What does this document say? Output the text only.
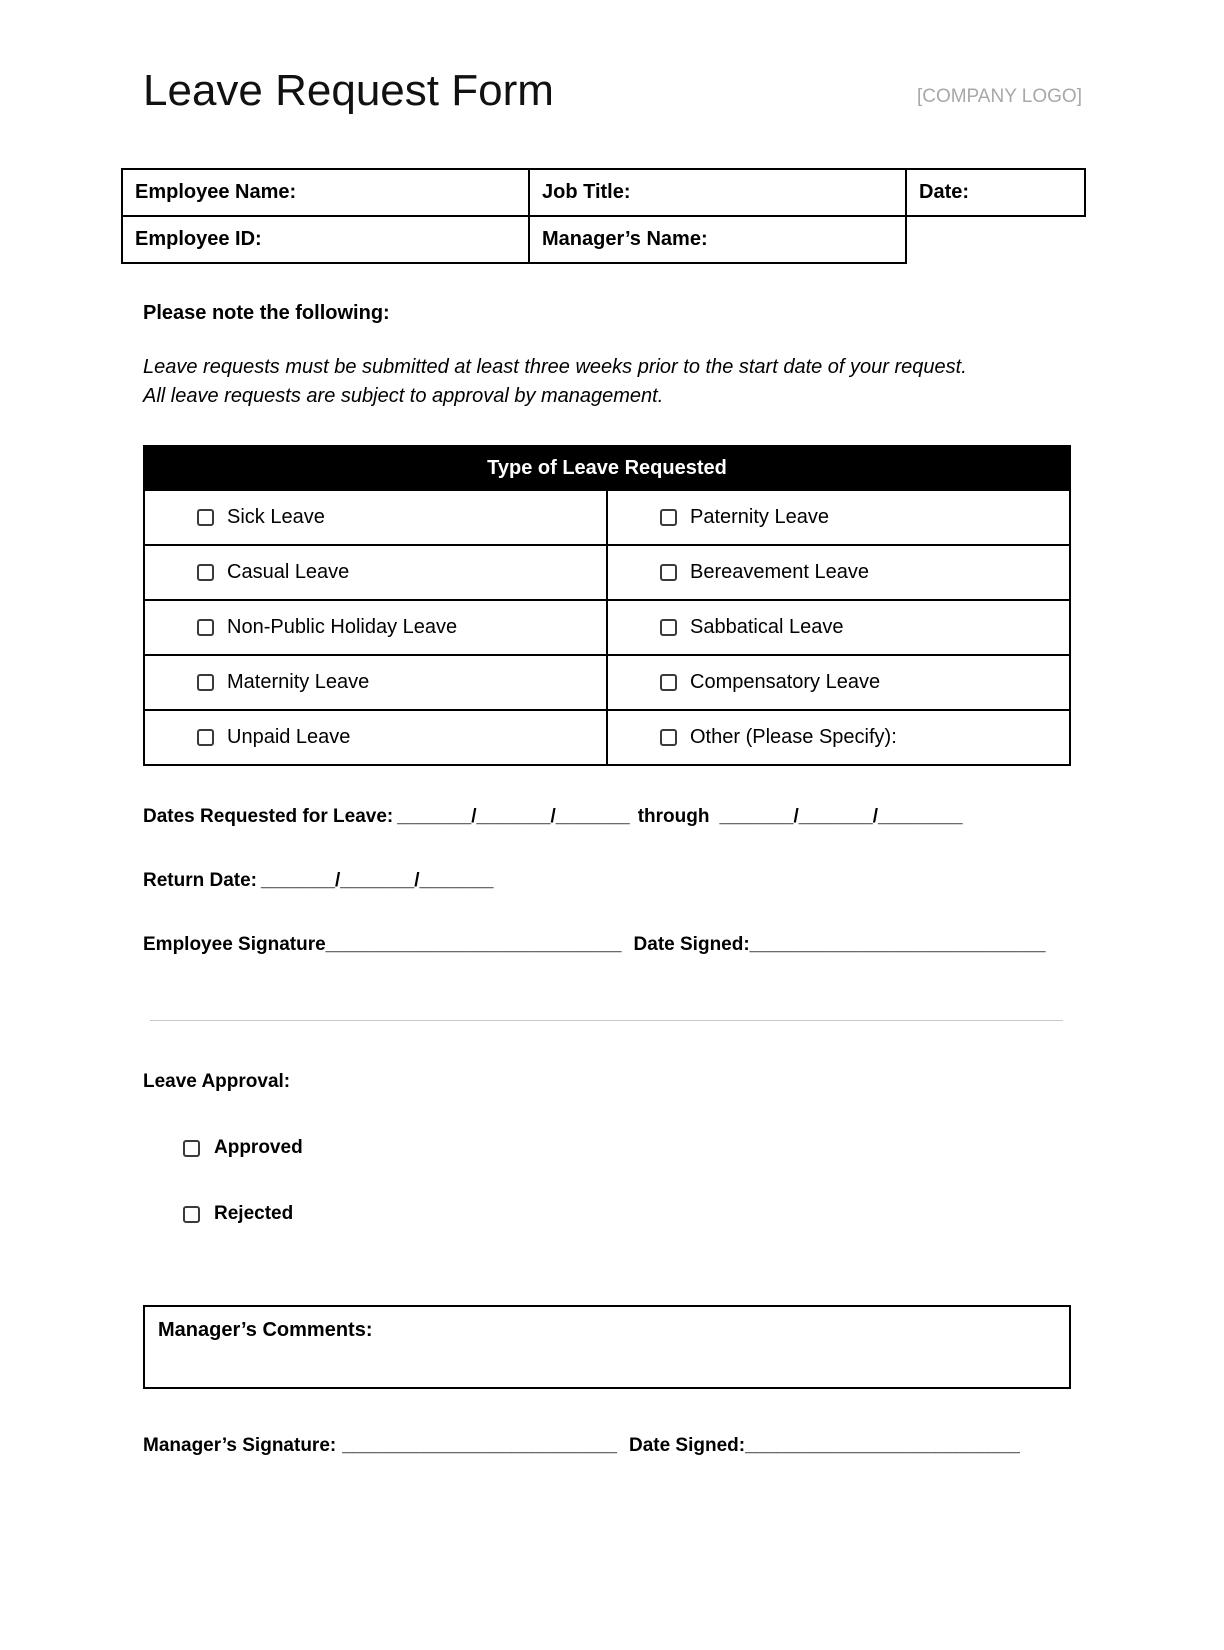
Leave Request Form	[COMPANY LOGO]
Employee Name:	Job Title:	Date:
Employee ID:	Manager’s Name:	
Please note the following:
Leave requests must be submitted at least three weeks prior to the start date of your request.
All leave requests are subject to approval by management.
Type of Leave Requested	

Sick Leave	Paternity Leave

Casual Leave	Bereavement Leave

Non-Public Holiday Leave	Sabbatical Leave

Maternity Leave	Compensatory Leave

Unpaid Leave	Other (Please Specify):
Dates Requested for Leave: _______/_______/_______ through _______/_______/________
Return Date: _______/_______/_______
Employee Signature____________________________ Date Signed:____________________________
Leave Approval:
Approved
Rejected
Manager’s Comments:
Manager’s Signature: __________________________ Date Signed:__________________________
